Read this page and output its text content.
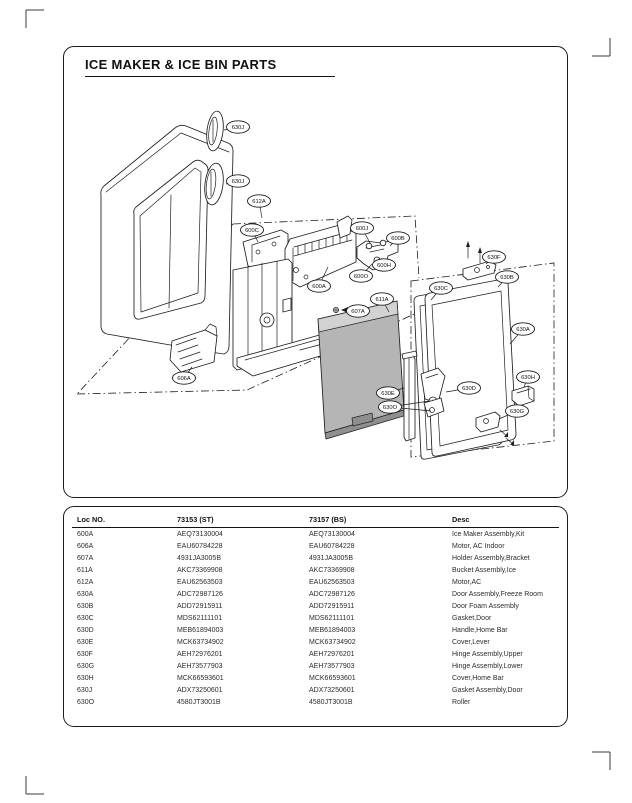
ICE MAKER & ICE BIN PARTS
Loc NO.	73153 (ST)	73157 (BS)	Desc
600A	AEQ73130004	AEQ73130004	Ice Maker Assembly,Kit
606A	EAU60784228	EAU60784228	Motor, AC Indoor
607A	4931JA3005B	4931JA3005B	Holder Assembly,Bracket
611A	AKC73369908	AKC73369908	Bucket Assembly,Ice
612A	EAU62563503	EAU62563503	Motor,AC
630A	ADC72987126	ADC72987126	Door Assembly,Freeze Room
630B	ADD72915911	ADD72915911	Door Foam Assembly
630C	MDS62111101	MDS62111101	Gasket,Door
630D	MEB61894003	MEB61894003	Handle,Home Bar
630E	MCK63734902	MCK63734902	Cover,Lever
630F	AEH72976201	AEH72976201	Hinge Assembly,Upper
630G	AEH73577903	AEH73577903	Hinge Assembly,Lower
630H	MCK66593601	MCK66593601	Cover,Home Bar
630J	ADX73250601	ADX73250601	Gasket Assembly,Door
630O	4580JT3001B	4580JT3001B	Roller
630J
630J
612A
600C	600J
600B
600H
600O
600A
611A
607A
606A
630F
630B
630C
630A
630H
630D
630E
630O
630G
